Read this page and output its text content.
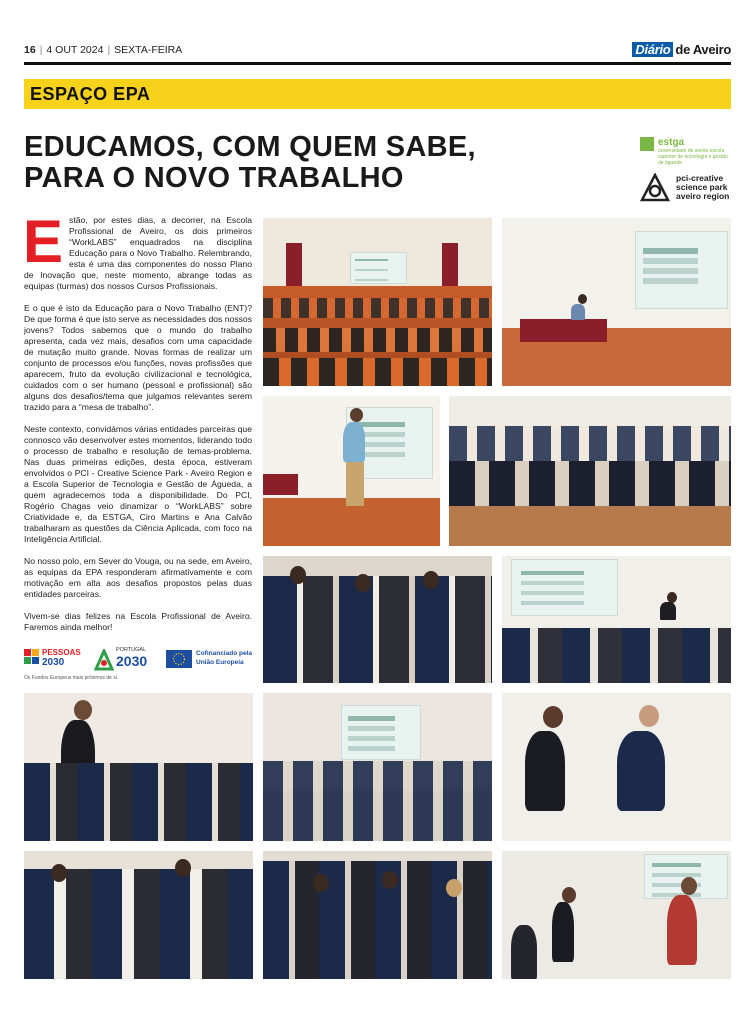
16 | 4 OUT 2024 | SEXTA-FEIRA	Diário de Aveiro
ESPAÇO EPA
EDUCAMOS, COM QUEM SABE,
PARA O NOVO TRABALHO
estga
universidade de aveiro escola superior de tecnologia e gestão de águeda
pci-creative
science park
aveiro region

Estão, por estes dias, a decorrer, na Escola Profissional de Aveiro, os dois primeiros “WorkLABS” enquadrados na disciplina Educação para o Novo Trabalho. Relembrando, esta é uma das componentes do nosso Plano de Inovação que, neste momento, abrange todas as equipas (turmas) dos nossos Cursos Profissionais.

E o que é isto da Educação para o Novo Trabalho (ENT)? De que forma é que isto serve as necessidades dos nossos jovens? Todos sabemos que o mundo do trabalho apresenta, cada vez mais, desafios com uma capacidade de mutação muito grande. Novas formas de realizar um conjunto de processos e/ou funções, novas profissões que aparecem, fruto da evolução civilizacional e tecnológica, cuidados com o ser humano (pessoal e profissional) são alguns dos desafios/tema que julgamos relevantes serem trazido para a “mesa de trabalho”.

Neste contexto, convidámos várias entidades parceiras que connosco vão desenvolver estes momentos, liderando todo o processo de trabalho e resolução de temas-problema. Nas duas primeiras edições, desta época, estiveram envolvidos o PCI - Creative Science Park - Aveiro Region e a Escola Superior de Tecnologia e Gestão de Águeda, a quem agradecemos toda a disponibilidade. Do PCI, Rogério Chagas veio dinamizar o “WorkLABS” sobre Criatividade e, da ESTGA, Ciro Martins e Ana Calvão trabalharam as questões da Ciência Aplicada, com foco na Inteligência Artificial.

No nosso polo, em Sever do Vouga, ou na sede, em Aveiro, as equipas da EPA responderam afirmativamente e com motivação em alta aos desafios propostos pelas duas entidades parceiras.

Vivem-se dias felizes na Escola Profissional de Aveiro. Faremos ainda melhor!

PESSOAS
2030
PORTUGAL
2030	Cofinanciado pela
União Europeia
Os Fundos Europeus mais próximos de si.
